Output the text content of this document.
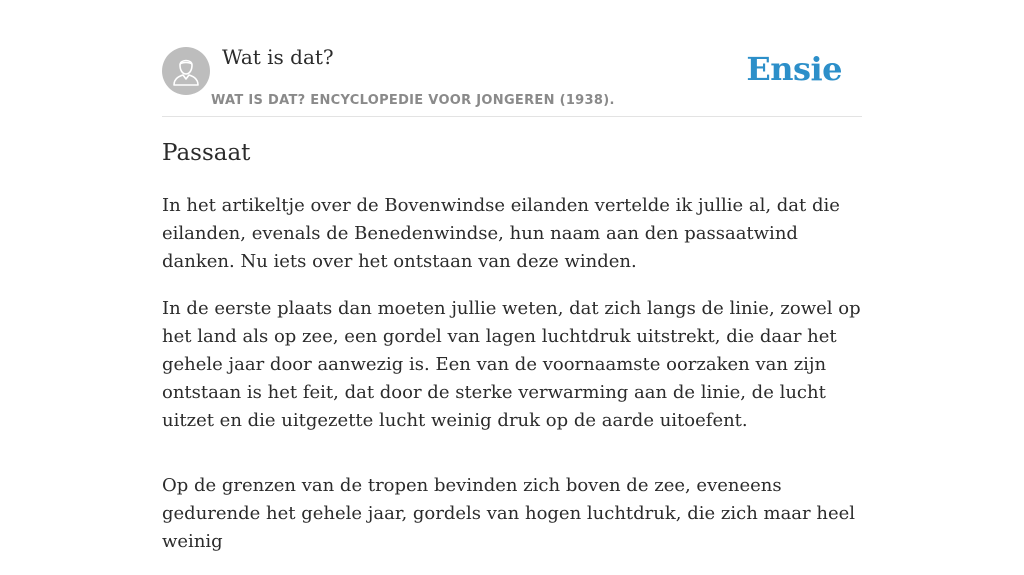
Wat is dat?
WAT IS DAT? ENCYCLOPEDIE VOOR JONGEREN (1938).
Ensie
Passaat

In het artikeltje over de Bovenwindse eilanden vertelde ik jullie al, dat die eilanden, evenals de Benedenwindse, hun naam aan den passaatwind danken. Nu iets over het ontstaan van deze winden.

In de eerste plaats dan moeten jullie weten, dat zich langs de linie, zowel op het land als op zee, een gordel van lagen luchtdruk uitstrekt, die daar het gehele jaar door aanwezig is. Een van de voornaamste oorzaken van zijn ontstaan is het feit, dat door de sterke verwarming aan de linie, de lucht uitzet en die uitgezette lucht weinig druk op de aarde uitoefent.

Op de grenzen van de tropen bevinden zich boven de zee, eveneens gedurende het gehele jaar, gordels van hogen luchtdruk, die zich maar heel weinig
